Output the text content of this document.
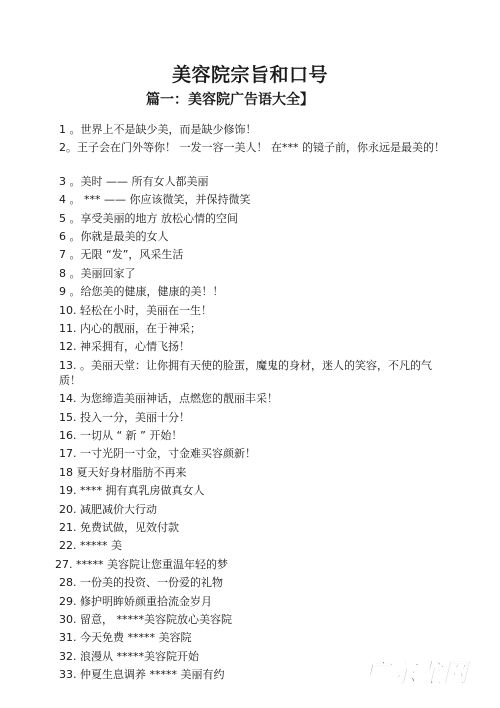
美容院宗旨和口号
篇一：美容院广告语大全】
1 。世界上不是缺少美，而是缺少修饰！
2。王子会在门外等你！ 一发一容一美人！ 在*** 的镜子前，你永远是最美的！
3 。美时 —— 所有女人都美丽
4 。 *** —— 你应该微笑，并保持微笑
5 。享受美丽的地方 放松心情的空间
6 。你就是最美的女人
7 。无限 “发”，风采生活
8 。美丽回家了
9 。给您美的健康，健康的美！！
10. 轻松在小时，美丽在一生！
11. 内心的靓丽，在于神采；
12. 神采拥有，心情飞扬！
13. 。美丽天堂：让你拥有天使的脸蛋，魔鬼的身材，迷人的笑容，不凡的气质！
14. 为您缔造美丽神话，点燃您的靓丽丰采！
15. 投入一分，美丽十分！
16. 一切从 “ 新 ” 开始！
17. 一寸光阴一寸金，寸金难买容颜新！
18 夏天好身材脂肪不再来
19. **** 拥有真乳房做真女人
20. 减肥减价大行动
21. 免费试做，见效付款
22. ***** 美
27. ***** 美容院让您重温年轻的梦
28. 一份美的投资、一份爱的礼物
29. 修护明眸娇颜重拾流金岁月
30. 留意， *****美容院放心美容院
31. 今天免费 ***** 美容院
32. 浪漫从 *****美容院开始
33. 仲夏生息调养 ***** 美丽有约	广东龙网
